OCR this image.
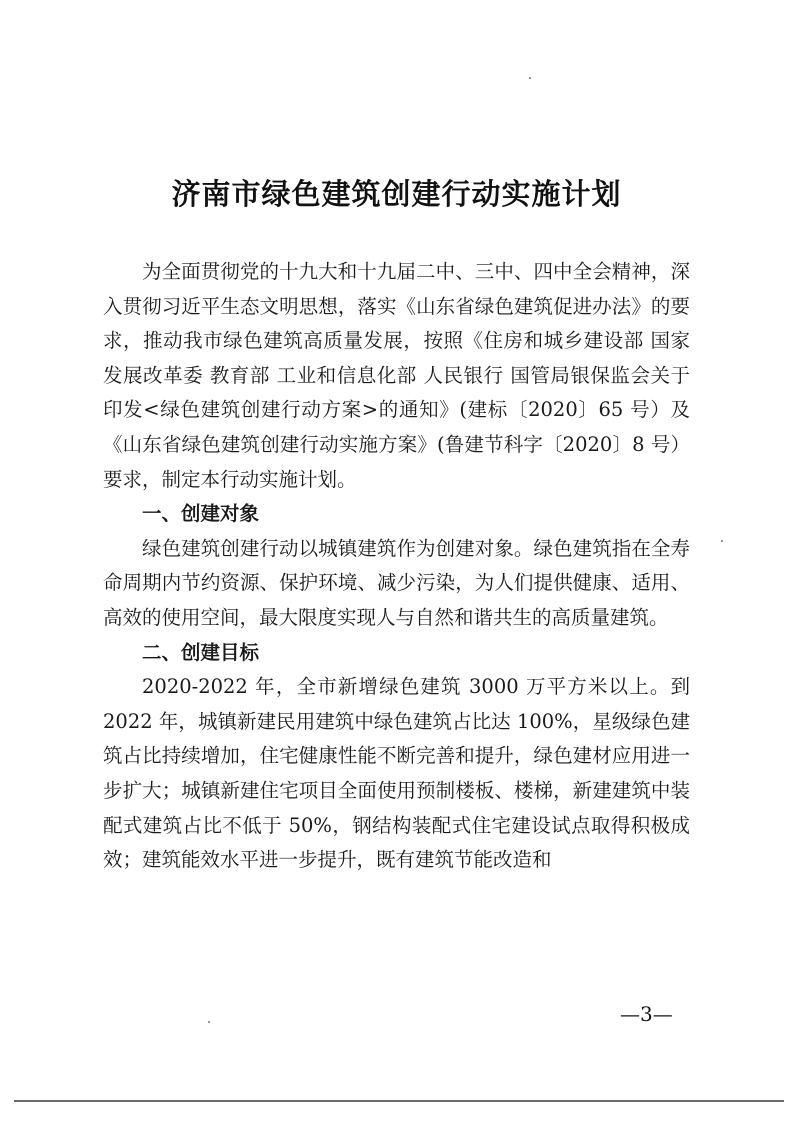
济南市绿色建筑创建行动实施计划

为全面贯彻党的十九大和十九届二中、三中、四中全会精神，深入贯彻习近平生态文明思想，落实《山东省绿色建筑促进办法》的要求，推动我市绿色建筑高质量发展，按照《住房和城乡建设部 国家发展改革委 教育部 工业和信息化部 人民银行 国管局银保监会关于印发<绿色建筑创建行动方案>的通知》(建标〔2020〕65 号）及《山东省绿色建筑创建行动实施方案》(鲁建节科字〔2020〕8 号）要求，制定本行动实施计划。

一、创建对象

绿色建筑创建行动以城镇建筑作为创建对象。绿色建筑指在全寿命周期内节约资源、保护环境、减少污染，为人们提供健康、适用、高效的使用空间，最大限度实现人与自然和谐共生的高质量建筑。

二、创建目标

2020-2022 年，全市新增绿色建筑 3000 万平方米以上。到 2022 年，城镇新建民用建筑中绿色建筑占比达 100%，星级绿色建筑占比持续增加，住宅健康性能不断完善和提升，绿色建材应用进一步扩大；城镇新建住宅项目全面使用预制楼板、楼梯，新建建筑中装配式建筑占比不低于 50%，钢结构装配式住宅建设试点取得积极成效；建筑能效水平进一步提升，既有建筑节能改造和

—3—
